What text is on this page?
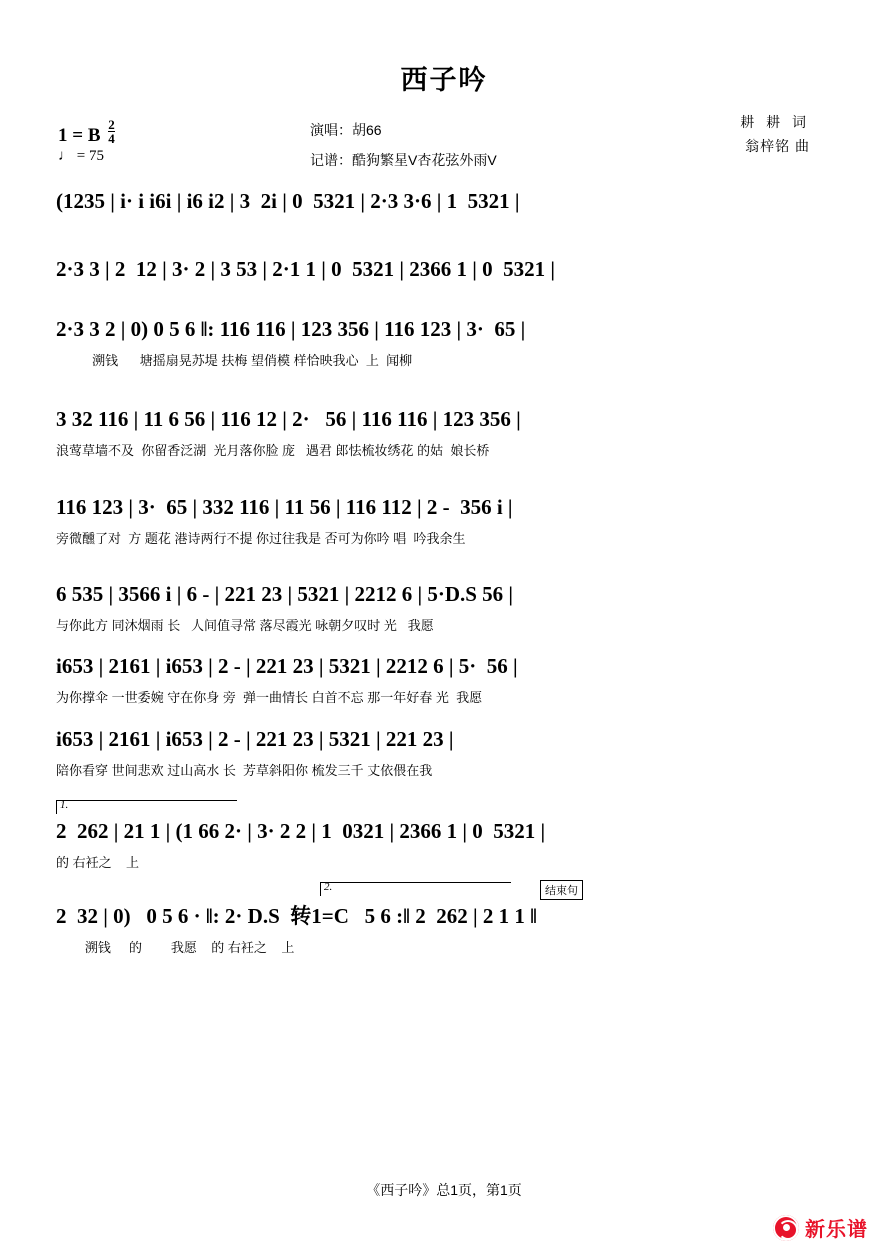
西子吟
1 = B $\frac{2}{4}$
♩ = 75
演唱：胡66
记谱：酷狗繁星V杏花弦外雨V
耕 耕 词
翁梓铭 曲
(1235 | i· i i6i | i6 i2 | 3  2i | 0  5321 | 2·3 3·6 | 1  5321 |
2·3 3 | 2  12 | 3· 2 | 3 53 | 2·1 1 | 0  5321 | 2366 1 | 0  5321 |
2·3 3 2 | 0) 0 5 6 ‖: 116 116 | 123 356 | 116 123 | 3·  65 |
溯钱      塘摇扇晃苏堤 扶梅 望俏模 样恰映我心  上  闻柳
3 32 116 | 11 6 56 | 116 12 | 2·   56 | 116 116 | 123 356 |
浪莺草墙不及  你留香泛湖  光月落你脸 庞   遇君 郎怯梳妆绣花 的姑  娘长桥
116 123 | 3·  65 | 332 116 | 11 56 | 116 112 | 2 -  356 i |
旁微醺了对  方 题花 港诗两行不提 你过往我是 否可为你吟 唱  吟我余生
6 535 | 3566 i | 6 - | 221 23 | 5321 | 2212 6 | 5·D.S 56 |
与你此方 同沐烟雨 长   人间值寻常 落尽霞光 咏朝夕叹时 光   我愿
i653 | 2161 | i653 | 2 - | 221 23 | 5321 | 2212 6 | 5·  56 |
为你撑伞 一世委婉 守在你身 旁  弹一曲情长 白首不忘 那一年好春 光  我愿
i653 | 2161 | i653 | 2 - | 221 23 | 5321 | 221 23 |
陪你看穿 世间悲欢 过山高水 长  芳草斜阳你 梳发三千 丈依偎在我
1.
2  262 | 21 1 | (1 66 2· | 3· 2 2 | 1  0321 | 2366 1 | 0  5321 |
的 右衽之    上
2.	结束句
2  32 | 0)   0 5 6 · ‖: 2· D.S  转1=C   5 6 :‖ 2  262 | 2 1 1 ‖
溯钱     的        我愿    的 右衽之    上
《西子吟》总1页，第1页
新乐谱
